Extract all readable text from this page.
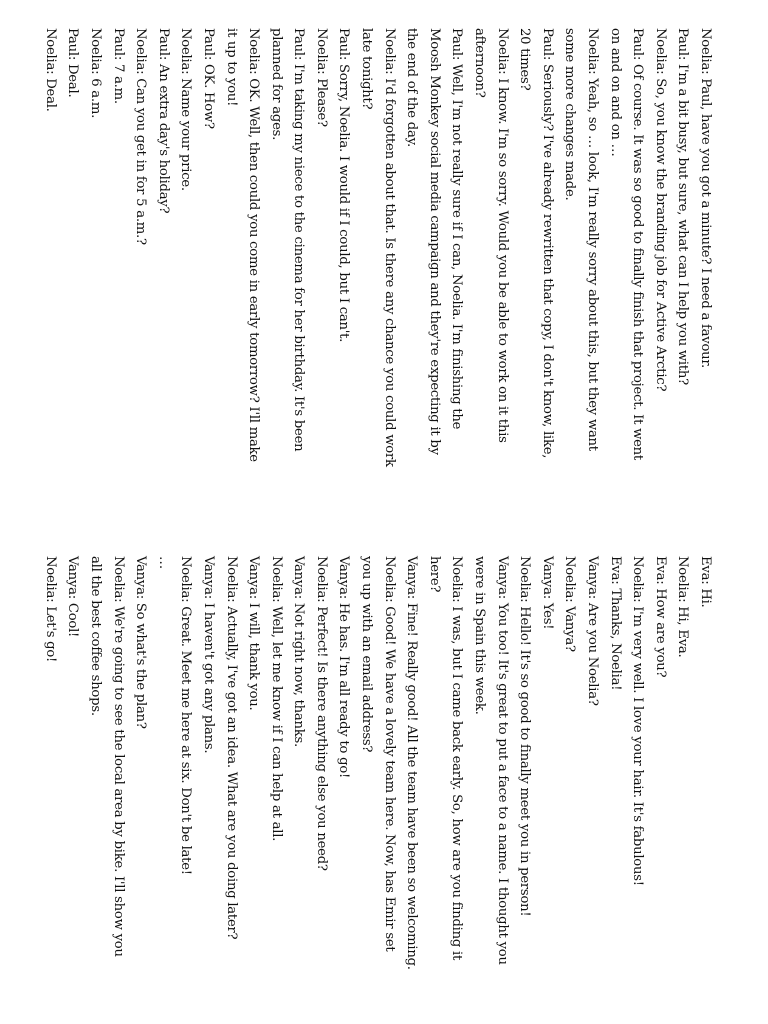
Noelia: Paul, have you got a minute? I need a favour.

Paul: I'm a bit busy, but sure, what can I help you with?

Noelia: So, you know the branding job for Active Arctic?

Paul: Of course. It was so good to finally finish that project. It went on and on and on …

Noelia: Yeah, so … look, I'm really sorry about this, but they want some more changes made.

Paul: Seriously? I've already rewritten that copy, I don't know, like, 20 times?

Noelia: I know. I'm so sorry. Would you be able to work on it this afternoon?

Paul: Well, I'm not really sure if I can, Noelia. I'm finishing the Moosh Monkey social media campaign and they're expecting it by the end of the day.

Noelia: I'd forgotten about that. Is there any chance you could work late tonight?

Paul: Sorry, Noelia. I would if I could, but I can't.

Noelia: Please?

Paul: I'm taking my niece to the cinema for her birthday. It's been planned for ages.

Noelia: OK. Well, then could you come in early tomorrow? I'll make it up to you!

Paul: OK. How?

Noelia: Name your price.

Paul: An extra day's holiday?

Noelia: Can you get in for 5 a.m.?

Paul: 7 a.m.

Noelia: 6 a.m.

Paul: Deal.

Noelia: Deal.

Eva: Hi.

Noelia: Hi, Eva.

Eva: How are you?

Noelia: I'm very well. I love your hair. It's fabulous!

Eva: Thanks, Noelia!

Vanya: Are you Noelia?

Noelia: Vanya?

Vanya: Yes!

Noelia: Hello! It's so good to finally meet you in person!

Vanya: You too! It's great to put a face to a name. I thought you were in Spain this week.

Noelia: I was, but I came back early. So, how are you finding it here?

Vanya: Fine! Really good! All the team have been so welcoming.

Noelia: Good! We have a lovely team here. Now, has Emir set you up with an email address?

Vanya: He has. I'm all ready to go!

Noelia: Perfect! Is there anything else you need?

Vanya: Not right now, thanks.

Noelia: Well, let me know if I can help at all.

Vanya: I will, thank you.

Noelia: Actually, I've got an idea. What are you doing later?

Vanya: I haven't got any plans.

Noelia: Great. Meet me here at six. Don't be late!

…

Vanya: So what's the plan?

Noelia: We're going to see the local area by bike. I'll show you all the best coffee shops.

Vanya: Cool!

Noelia: Let's go!
